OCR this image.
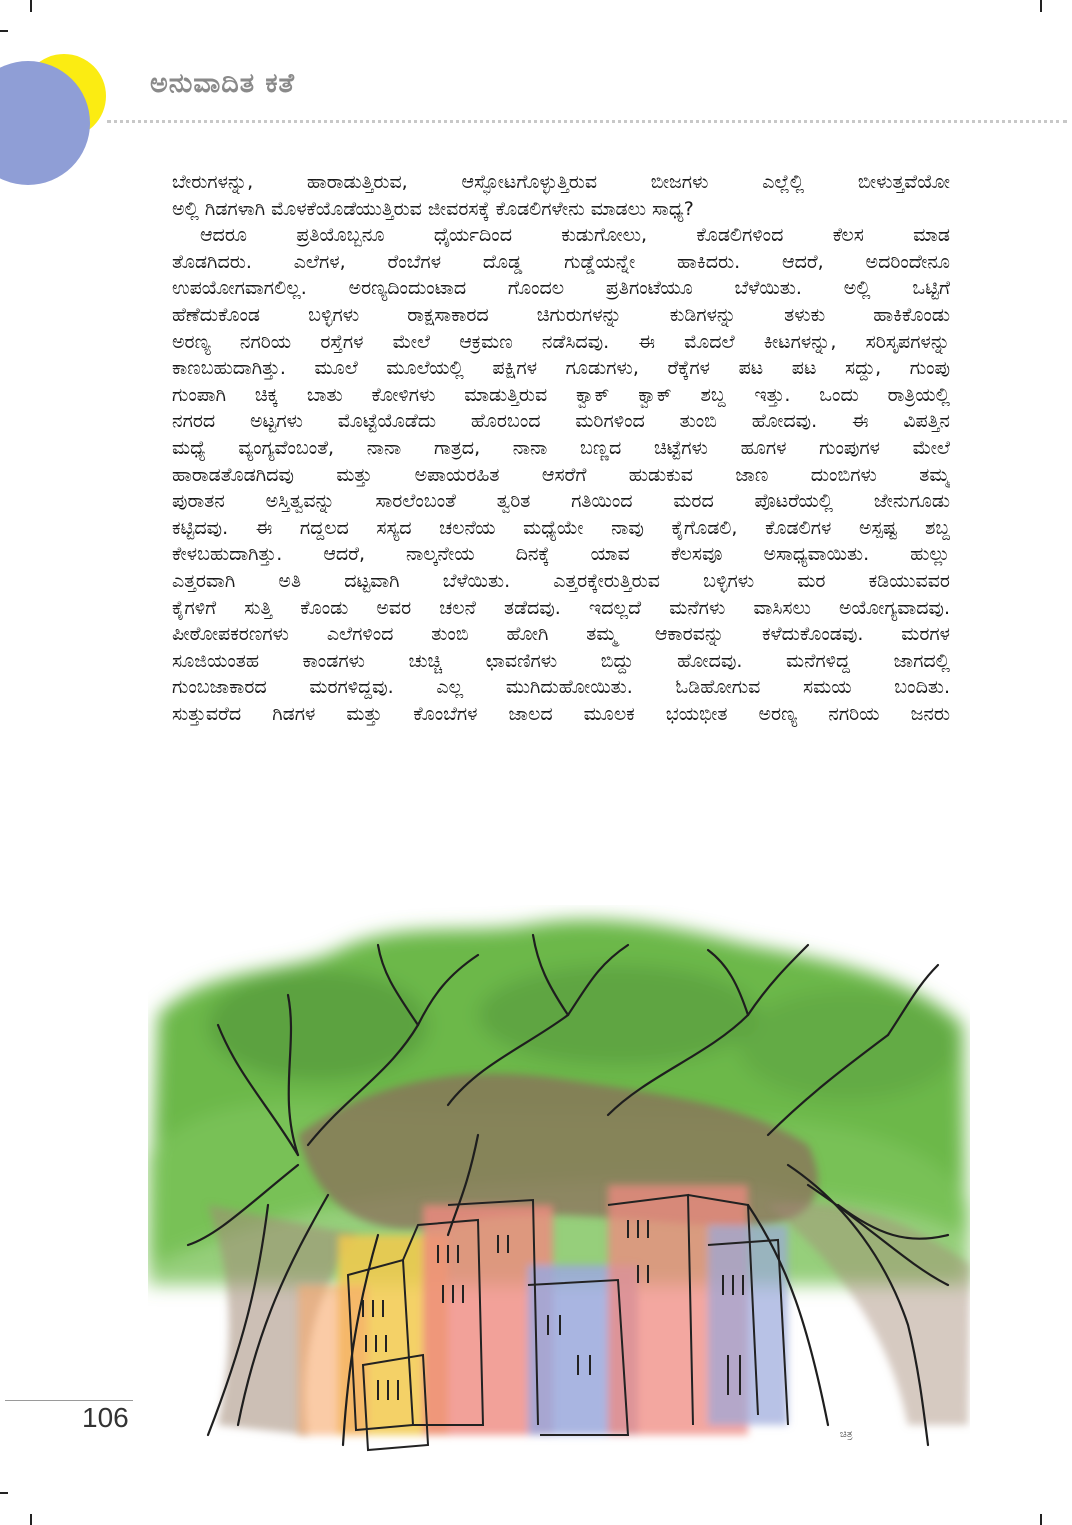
ಅನುವಾದಿತ ಕತೆ
ಬೇರುಗಳನ್ನು, ಹಾರಾಡುತ್ತಿರುವ, ಆಸ್ಫೋಟಗೊಳ್ಳುತ್ತಿರುವ ಬೀಜಗಳು ಎಲ್ಲೆಲ್ಲಿ ಬೀಳುತ್ತವೆಯೋ
ಅಲ್ಲಿ ಗಿಡಗಳಾಗಿ ಮೊಳಕೆಯೊಡೆಯುತ್ತಿರುವ ಜೀವರಸಕ್ಕೆ ಕೊಡಲಿಗಳೇನು ಮಾಡಲು ಸಾಧ್ಯ?
ಆದರೂ ಪ್ರತಿಯೊಬ್ಬನೂ ಧೈರ್ಯದಿಂದ ಕುಡುಗೋಲು, ಕೊಡಲಿಗಳಿಂದ ಕೆಲಸ ಮಾಡ
ತೊಡಗಿದರು. ಎಲೆಗಳ, ರೆಂಬೆಗಳ ದೊಡ್ಡ ಗುಡ್ಡೆಯನ್ನೇ ಹಾಕಿದರು. ಆದರೆ, ಅದರಿಂದೇನೂ
ಉಪಯೋಗವಾಗಲಿಲ್ಲ. ಅರಣ್ಯದಿಂದುಂಟಾದ ಗೊಂದಲ ಪ್ರತಿಗಂಟೆಯೂ ಬೆಳೆಯಿತು. ಅಲ್ಲಿ ಒಟ್ಟಿಗೆ
ಹೆಣೆದುಕೊಂಡ ಬಳ್ಳಿಗಳು ರಾಕ್ಷಸಾಕಾರದ ಚಿಗುರುಗಳನ್ನು ಕುಡಿಗಳನ್ನು ತಳುಕು ಹಾಕಿಕೊಂಡು
ಅರಣ್ಯ ನಗರಿಯ ರಸ್ತೆಗಳ ಮೇಲೆ ಆಕ್ರಮಣ ನಡೆಸಿದವು. ಈ ಮೊದಲೆ ಕೀಟಗಳನ್ನು, ಸರಿಸೃಪಗಳನ್ನು
ಕಾಣಬಹುದಾಗಿತ್ತು. ಮೂಲೆ ಮೂಲೆಯಲ್ಲಿ ಪಕ್ಷಿಗಳ ಗೂಡುಗಳು, ರೆಕ್ಕೆಗಳ ಪಟ ಪಟ ಸದ್ದು, ಗುಂಪು
ಗುಂಪಾಗಿ ಚಿಕ್ಕ ಬಾತು ಕೋಳಿಗಳು ಮಾಡುತ್ತಿರುವ ಕ್ವಾಕ್ ಕ್ವಾಕ್ ಶಬ್ದ ಇತ್ತು. ಒಂದು ರಾತ್ರಿಯಲ್ಲಿ
ನಗರದ ಅಟ್ಟಗಳು ಮೊಟ್ಟೆಯೊಡೆದು ಹೊರಬಂದ ಮರಿಗಳಿಂದ ತುಂಬಿ ಹೋದವು. ಈ ವಿಪತ್ತಿನ
ಮಧ್ಯೆ ವ್ಯಂಗ್ಯವೆಂಬಂತೆ, ನಾನಾ ಗಾತ್ರದ, ನಾನಾ ಬಣ್ಣದ ಚಿಟ್ಟೆಗಳು ಹೂಗಳ ಗುಂಪುಗಳ ಮೇಲೆ
ಹಾರಾಡತೊಡಗಿದವು ಮತ್ತು ಅಪಾಯರಹಿತ ಆಸರೆಗೆ ಹುಡುಕುವ ಜಾಣ ದುಂಬಿಗಳು ತಮ್ಮ
ಪುರಾತನ ಅಸ್ತಿತ್ವವನ್ನು ಸಾರಲೆಂಬಂತೆ ತ್ವರಿತ ಗತಿಯಿಂದ ಮರದ ಪೊಟರೆಯಲ್ಲಿ ಜೇನುಗೂಡು
ಕಟ್ಟಿದವು. ಈ ಗದ್ದಲದ ಸಸ್ಯದ ಚಲನೆಯ ಮಧ್ಯೆಯೇ ನಾವು ಕೈಗೊಡಲಿ, ಕೊಡಲಿಗಳ ಅಸ್ಪಷ್ಟ ಶಬ್ದ
ಕೇಳಬಹುದಾಗಿತ್ತು. ಆದರೆ, ನಾಲ್ಕನೇಯ ದಿನಕ್ಕೆ ಯಾವ ಕೆಲಸವೂ ಅಸಾಧ್ಯವಾಯಿತು. ಹುಲ್ಲು
ಎತ್ತರವಾಗಿ ಅತಿ ದಟ್ಟವಾಗಿ ಬೆಳೆಯಿತು. ಎತ್ತರಕ್ಕೇರುತ್ತಿರುವ ಬಳ್ಳಿಗಳು ಮರ ಕಡಿಯುವವರ
ಕೈಗಳಿಗೆ ಸುತ್ತಿ ಕೊಂಡು ಅವರ ಚಲನೆ ತಡೆದವು. ಇದಲ್ಲದೆ ಮನೆಗಳು ವಾಸಿಸಲು ಅಯೋಗ್ಯವಾದವು.
ಪೀಠೋಪಕರಣಗಳು ಎಲೆಗಳಿಂದ ತುಂಬಿ ಹೋಗಿ ತಮ್ಮ ಆಕಾರವನ್ನು ಕಳೆದುಕೊಂಡವು. ಮರಗಳ
ಸೂಜಿಯಂತಹ ಕಾಂಡಗಳು ಚುಚ್ಚಿ ಛಾವಣಿಗಳು ಬಿದ್ದು ಹೋದವು. ಮನೆಗಳಿದ್ದ ಜಾಗದಲ್ಲಿ
ಗುಂಬಜಾಕಾರದ ಮರಗಳಿದ್ದವು. ಎಲ್ಲ ಮುಗಿದುಹೋಯಿತು. ಓಡಿಹೋಗುವ ಸಮಯ ಬಂದಿತು.
ಸುತ್ತುವರೆದ ಗಿಡಗಳ ಮತ್ತು ಕೊಂಬೆಗಳ ಜಾಲದ ಮೂಲಕ ಭಯಭೀತ ಅರಣ್ಯ ನಗರಿಯ ಜನರು
ಚಿತ್ರ

106
